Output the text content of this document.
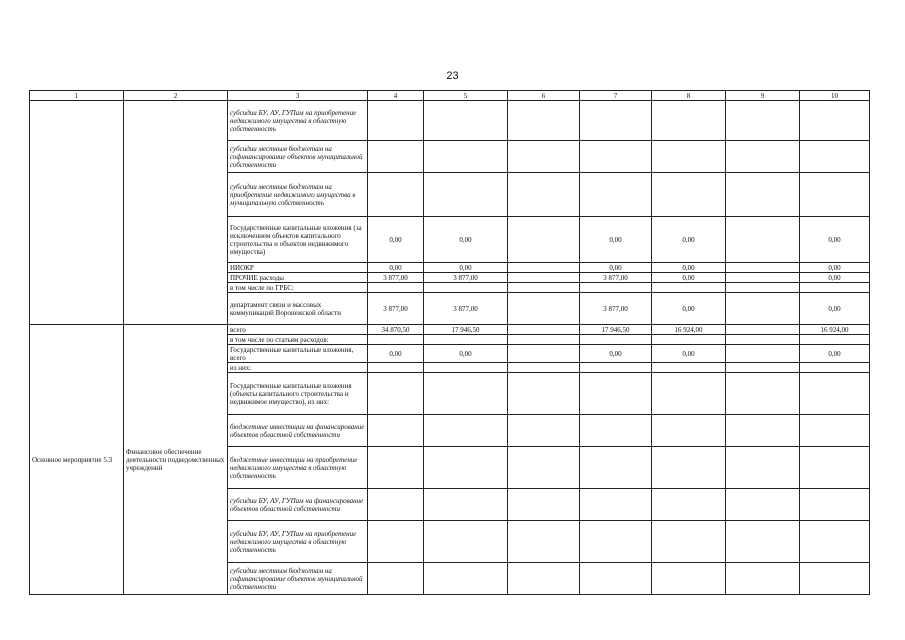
23
1	2	3	4	5	6	7	8	9	10
		субсидии БУ, АУ, ГУПам на приобретение недвижимого имущества в областную собственность							
		субсидии местным бюджетам на софинансирование объектов муниципальной собственности							
		субсидии местным бюджетам на приобретение недвижимого имущества в муниципальную собственность							
		Государственные капитальные вложения (за исключением объектов капитального строительства и объектов недвижимого имущества)	0,00	0,00		0,00	0,00		0,00
		НИОКР	0,00	0,00		0,00	0,00		0,00
		ПРОЧИЕ расходы	3 877,00	3 877,00		3 877,00	0,00		0,00
		в том числе по ГРБС:							
		департамент связи и массовых коммуникаций Воронежской области	3 877,00	3 877,00		3 877,00	0,00		0,00
Основное мероприятие 5.3	Финансовое обеспечение деятельности подведомственных учреждений	всего	34 870,50	17 946,50		17 946,50	16 924,00		16 924,00
		в том числе по статьям расходов:							
		Государственные капитальные вложения, всего	0,00	0,00		0,00	0,00		0,00
		из них:							
		Государственные капитальные вложения (объекты капитального строительства и недвижимое имущество), из них:							
		бюджетные инвестиции на финансирование объектов областной собственности							
		бюджетные инвестиции на приобретение недвижимого имущества в областную собственность							
		субсидии БУ, АУ, ГУПам на финансирование объектов областной собственности							
		субсидии БУ, АУ, ГУПам на приобретение недвижимого имущества в областную собственность							
		субсидии местным бюджетам на софинансирование объектов муниципальной собственности							
